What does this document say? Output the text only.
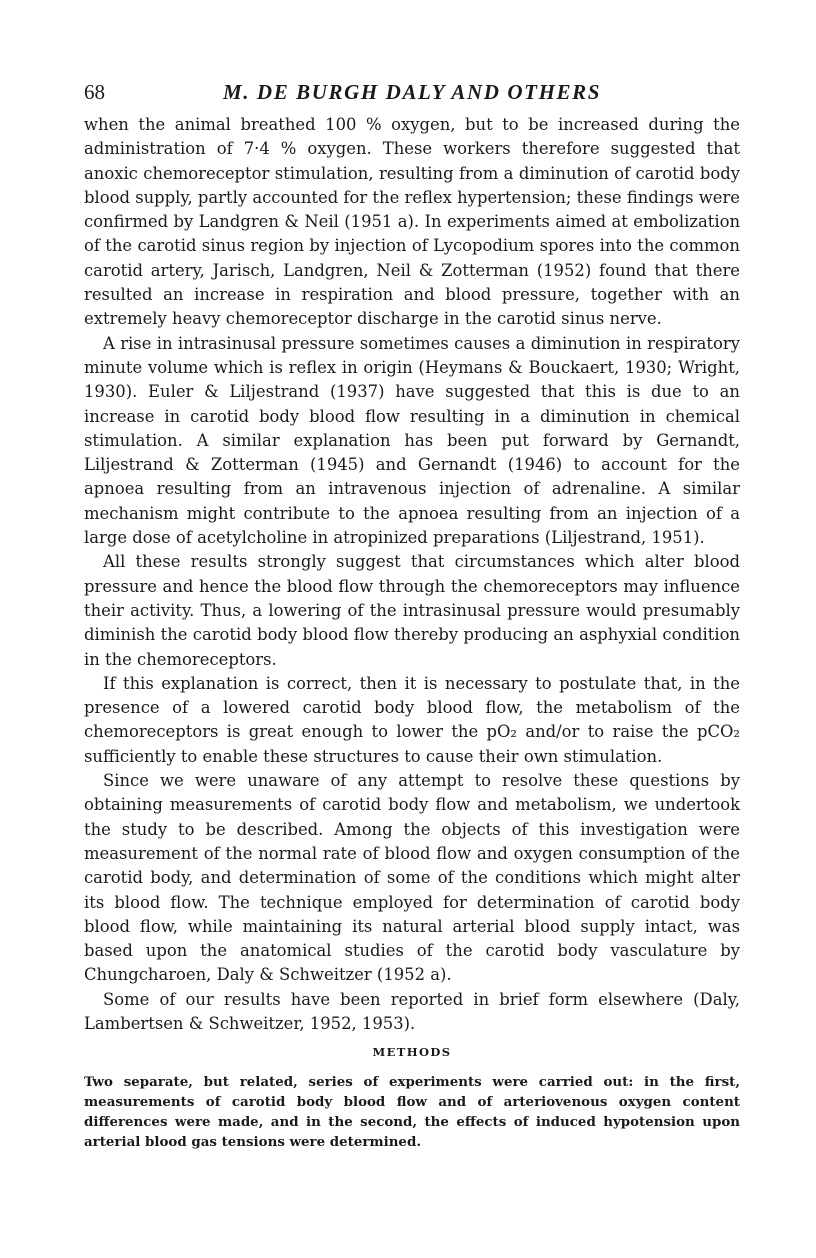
68	M. DE BURGH DALY AND OTHERS

when the animal breathed 100 % oxygen, but to be increased during the administration of 7·4 % oxygen. These workers therefore suggested that anoxic chemoreceptor stimulation, resulting from a diminution of carotid body blood supply, partly accounted for the reflex hypertension; these findings were confirmed by Landgren & Neil (1951 a). In experiments aimed at embolization of the carotid sinus region by injection of Lycopodium spores into the common carotid artery, Jarisch, Landgren, Neil & Zotterman (1952) found that there resulted an increase in respiration and blood pressure, together with an extremely heavy chemoreceptor discharge in the carotid sinus nerve.

A rise in intrasinusal pressure sometimes causes a diminution in respiratory minute volume which is reflex in origin (Heymans & Bouckaert, 1930; Wright, 1930). Euler & Liljestrand (1937) have suggested that this is due to an increase in carotid body blood flow resulting in a diminution in chemical stimulation. A similar explanation has been put forward by Gernandt, Liljestrand & Zotterman (1945) and Gernandt (1946) to account for the apnoea resulting from an intravenous injection of adrenaline. A similar mechanism might contribute to the apnoea resulting from an injection of a large dose of acetylcholine in atropinized preparations (Liljestrand, 1951).

All these results strongly suggest that circumstances which alter blood pressure and hence the blood flow through the chemoreceptors may influence their activity. Thus, a lowering of the intrasinusal pressure would presumably diminish the carotid body blood flow thereby producing an asphyxial condition in the chemoreceptors.

If this explanation is correct, then it is necessary to postulate that, in the presence of a lowered carotid body blood flow, the metabolism of the chemoreceptors is great enough to lower the pO₂ and/or to raise the pCO₂ sufficiently to enable these structures to cause their own stimulation.

Since we were unaware of any attempt to resolve these questions by obtaining measurements of carotid body flow and metabolism, we undertook the study to be described. Among the objects of this investigation were measurement of the normal rate of blood flow and oxygen consumption of the carotid body, and determination of some of the conditions which might alter its blood flow. The technique employed for determination of carotid body blood flow, while maintaining its natural arterial blood supply intact, was based upon the anatomical studies of the carotid body vasculature by Chungcharoen, Daly & Schweitzer (1952 a).

Some of our results have been reported in brief form elsewhere (Daly, Lambertsen & Schweitzer, 1952, 1953).

METHODS

Two separate, but related, series of experiments were carried out: in the first, measurements of carotid body blood flow and of arteriovenous oxygen content differences were made, and in the second, the effects of induced hypotension upon arterial blood gas tensions were determined.
